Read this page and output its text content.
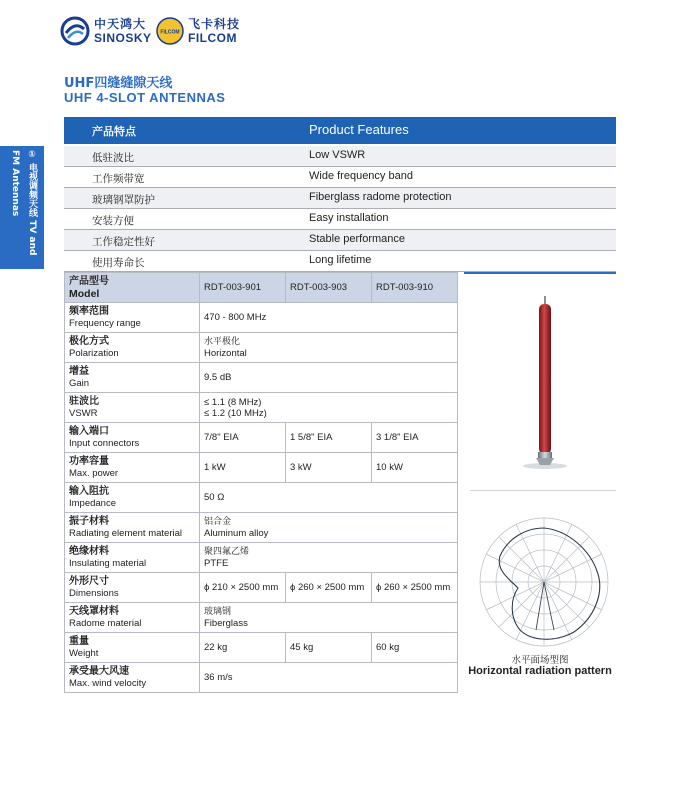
中天鸿大
SINOSKY FILCOM
飞卡科技
FILCOM
① 电视调频天线 TV and FM Antennas
UHF四缝缝隙天线
UHF 4-SLOT ANTENNAS
产品特点	Product Features
低驻波比	Low VSWR
工作频带宽	Wide frequency band
玻璃钢罩防护	Fiberglass radome protection
安装方便	Easy installation
工作稳定性好	Stable performance
使用寿命长	Long lifetime
产品型号
Model	RDT-003-901	RDT-003-903	RDT-003-910

频率范围
Frequency range	470 - 800 MHz		

极化方式
Polarization	水平极化
Horizontal		

增益
Gain	9.5 dB		

驻波比
VSWR	≤ 1.1 (8 MHz)
≤ 1.2 (10 MHz)		

输入端口
Input connectors	7/8" EIA	1 5/8" EIA	3 1/8" EIA

功率容量
Max. power	1 kW	3 kW	10 kW

输入阻抗
Impedance	50 Ω		

振子材料
Radiating element material	铝合金
Aluminum alloy		

绝缘材料
Insulating material	聚四氟乙烯
PTFE		

外形尺寸
Dimensions	ϕ 210 × 2500 mm	ϕ 260 × 2500 mm	ϕ 260 × 2500 mm

天线罩材料
Radome material	玻璃钢
Fiberglass		

重量
Weight	22 kg	45 kg	60 kg

承受最大风速
Max. wind velocity	36 m/s		
水平面场型图
Horizontal radiation pattern
